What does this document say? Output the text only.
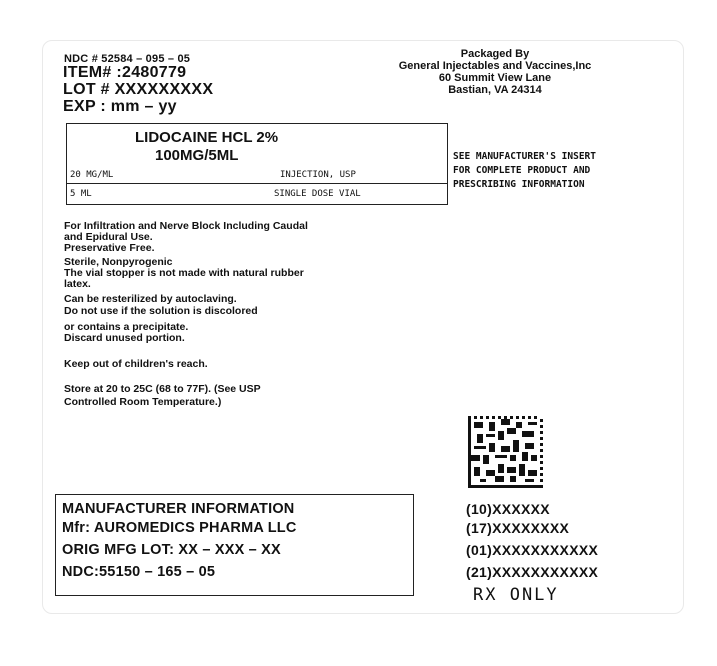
NDC # 52584 – 095 – 05
ITEM# :2480779
LOT # XXXXXXXXX
EXP : mm – yy
Packaged By
General Injectables and Vaccines,Inc
60 Summit View Lane
Bastian, VA 24314
LIDOCAINE HCL 2%
100MG/5ML
20 MG/ML	INJECTION, USP
5 ML	SINGLE DOSE VIAL
SEE MANUFACTURER'S INSERT
FOR COMPLETE PRODUCT AND
PRESCRIBING INFORMATION
For Infiltration and Nerve Block Including Caudal
and Epidural Use.
Preservative Free.
Sterile, Nonpyrogenic
The vial stopper is not made with natural rubber
latex.
Can be resterilized by autoclaving.
Do not use if the solution is discolored
or contains a precipitate.
Discard unused portion.
Keep out of children's reach.
Store at 20 to 25C (68 to 77F). (See USP
Controlled Room Temperature.)
MANUFACTURER INFORMATION
Mfr: AUROMEDICS PHARMA LLC
ORIG MFG LOT: XX – XXX – XX
NDC:55150 – 165 – 05
(10)XXXXXX
(17)XXXXXXXX
(01)XXXXXXXXXXX
(21)XXXXXXXXXXX
RX ONLY
